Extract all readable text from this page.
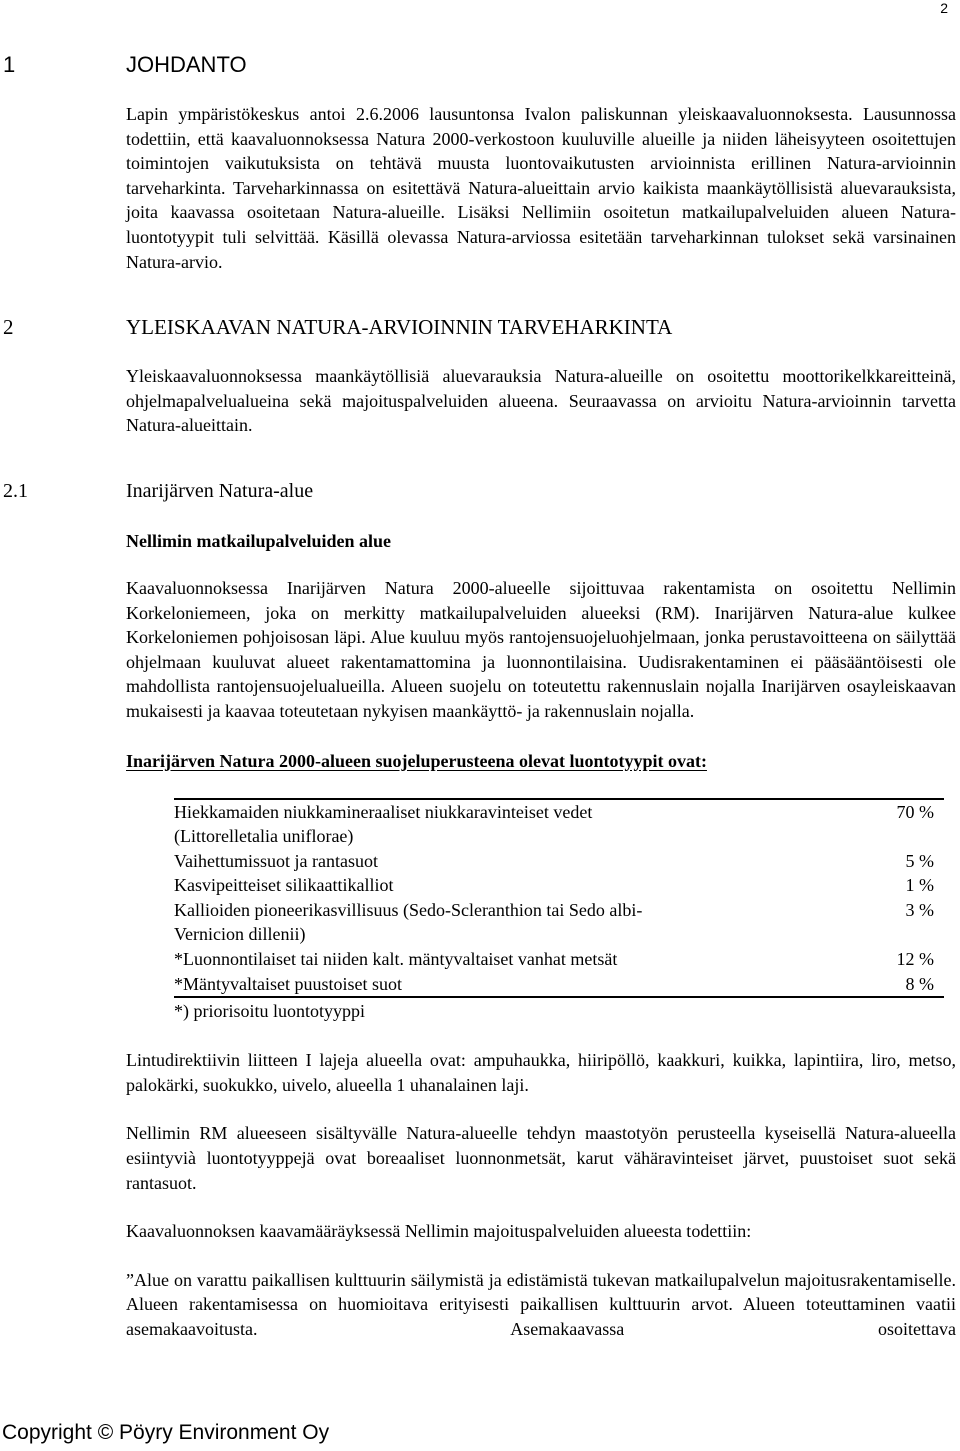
2
1	JOHDANTO

Lapin ympäristökeskus antoi 2.6.2006 lausuntonsa Ivalon paliskunnan yleiskaavaluonnoksesta. Lausunnossa todettiin, että kaavaluonnoksessa Natura 2000-verkostoon kuuluville alueille ja niiden läheisyyteen osoitettujen toimintojen vaikutuksista on tehtävä muusta luontovaikutusten arvioinnista erillinen Natura-arvioinnin tarveharkinta. Tarveharkinnassa on esitettävä Natura-alueittain arvio kaikista maankäytöllisistä aluevarauksista, joita kaavassa osoitetaan Natura-alueille. Lisäksi Nellimiin osoitetun matkailupalveluiden alueen Natura-luontotyypit tuli selvittää. Käsillä olevassa Natura-arviossa esitetään tarveharkinnan tulokset sekä varsinainen Natura-arvio.

2	YLEISKAAVAN NATURA-ARVIOINNIN TARVEHARKINTA

Yleiskaavaluonnoksessa maankäytöllisiä aluevarauksia Natura-alueille on osoitettu moottorikelkkareitteinä, ohjelmapalvelualueina sekä majoituspalveluiden alueena. Seuraavassa on arvioitu Natura-arvioinnin tarvetta Natura-alueittain.

2.1	Inarijärven Natura-alue
Nellimin matkailupalveluiden alue

Kaavaluonnoksessa Inarijärven Natura 2000-alueelle sijoittuvaa rakentamista on osoitettu Nellimin Korkeloniemeen, joka on merkitty matkailupalveluiden alueeksi (RM). Inarijärven Natura-alue kulkee Korkeloniemen pohjoisosan läpi. Alue kuuluu myös rantojensuojeluohjelmaan, jonka perustavoitteena on säilyttää ohjelmaan kuuluvat alueet rakentamattomina ja luonnontilaisina. Uudisrakentaminen ei pääsääntöisesti ole mahdollista rantojensuojelualueilla. Alueen suojelu on toteutettu rakennuslain nojalla Inarijärven osayleiskaavan mukaisesti ja kaavaa toteutetaan nykyisen maankäyttö- ja rakennuslain nojalla.

Inarijärven Natura 2000-alueen suojeluperusteena olevat luontotyypit ovat:
Hiekkamaiden niukkamineraaliset niukkaravinteiset vedet	70 %
(Littorelletalia uniflorae)	
Vaihettumissuot ja rantasuot	5 %
Kasvipeitteiset silikaattikalliot	1 %
Kallioiden pioneerikasvillisuus (Sedo-Scleranthion tai Sedo albi-	3 %
Vernicion dillenii)	
*Luonnontilaiset tai niiden kalt. mäntyvaltaiset vanhat metsät	12 %
*Mäntyvaltaiset puustoiset suot	8 %
*) priorisoitu luontotyyppi

Lintudirektiivin liitteen I lajeja alueella ovat: ampuhaukka, hiiripöllö, kaakkuri, kuikka, lapintiira, liro, metso, palokärki, suokukko, uivelo, alueella 1 uhanalainen laji.

Nellimin RM alueeseen sisältyvälle Natura-alueelle tehdyn maastotyön perusteella kyseisellä Natura-alueella esiintyvià luontotyyppejä ovat boreaaliset luonnonmetsät, karut vähäravinteiset järvet, puustoiset suot sekä rantasuot.

Kaavaluonnoksen kaavamääräyksessä Nellimin majoituspalveluiden alueesta todettiin:

”Alue on varattu paikallisen kulttuurin säilymistä ja edistämistä tukevan matkailupalvelun majoitusrakentamiselle. Alueen rakentamisessa on huomioitava erityisesti paikallisen kulttuurin arvot. Alueen toteuttaminen vaatii asemakaavoitusta. Asemakaavassa osoitettava

Copyright © Pöyry Environment Oy
